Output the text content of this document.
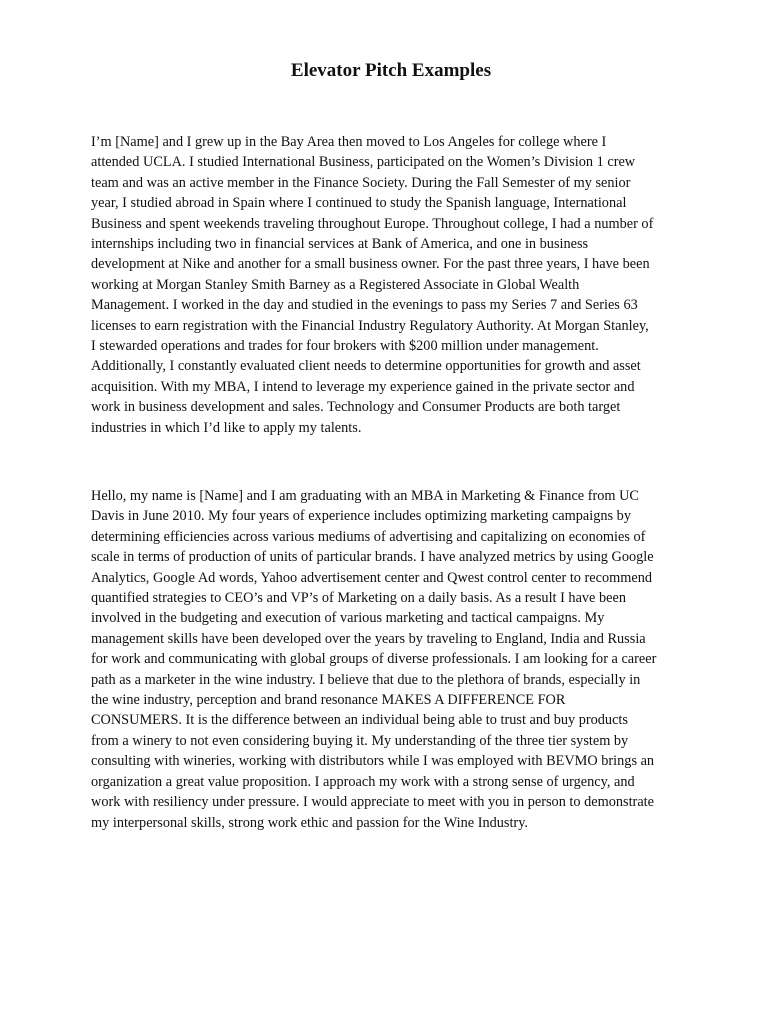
Elevator Pitch Examples

I’m [Name] and I grew up in the Bay Area then moved to Los Angeles for college where I
attended UCLA. I studied International Business, participated on the Women’s Division 1 crew
team and was an active member in the Finance Society. During the Fall Semester of my senior
year, I studied abroad in Spain where I continued to study the Spanish language, International
Business and spent weekends traveling throughout Europe. Throughout college, I had a number of
internships including two in financial services at Bank of America, and one in business
development at Nike and another for a small business owner. For the past three years, I have been
working at Morgan Stanley Smith Barney as a Registered Associate in Global Wealth
Management. I worked in the day and studied in the evenings to pass my Series 7 and Series 63
licenses to earn registration with the Financial Industry Regulatory Authority. At Morgan Stanley,
I stewarded operations and trades for four brokers with $200 million under management.
Additionally, I constantly evaluated client needs to determine opportunities for growth and asset
acquisition. With my MBA, I intend to leverage my experience gained in the private sector and
work in business development and sales. Technology and Consumer Products are both target
industries in which I’d like to apply my talents.

Hello, my name is [Name] and I am graduating with an MBA in Marketing & Finance from UC
Davis in June 2010. My four years of experience includes optimizing marketing campaigns by
determining efficiencies across various mediums of advertising and capitalizing on economies of
scale in terms of production of units of particular brands. I have analyzed metrics by using Google
Analytics, Google Ad words, Yahoo advertisement center and Qwest control center to recommend
quantified strategies to CEO’s and VP’s of Marketing on a daily basis. As a result I have been
involved in the budgeting and execution of various marketing and tactical campaigns. My
management skills have been developed over the years by traveling to England, India and Russia
for work and communicating with global groups of diverse professionals. I am looking for a career
path as a marketer in the wine industry. I believe that due to the plethora of brands, especially in
the wine industry, perception and brand resonance MAKES A DIFFERENCE FOR
CONSUMERS. It is the difference between an individual being able to trust and buy products
from a winery to not even considering buying it. My understanding of the three tier system by
consulting with wineries, working with distributors while I was employed with BEVMO brings an
organization a great value proposition. I approach my work with a strong sense of urgency, and
work with resiliency under pressure. I would appreciate to meet with you in person to demonstrate
my interpersonal skills, strong work ethic and passion for the Wine Industry.
